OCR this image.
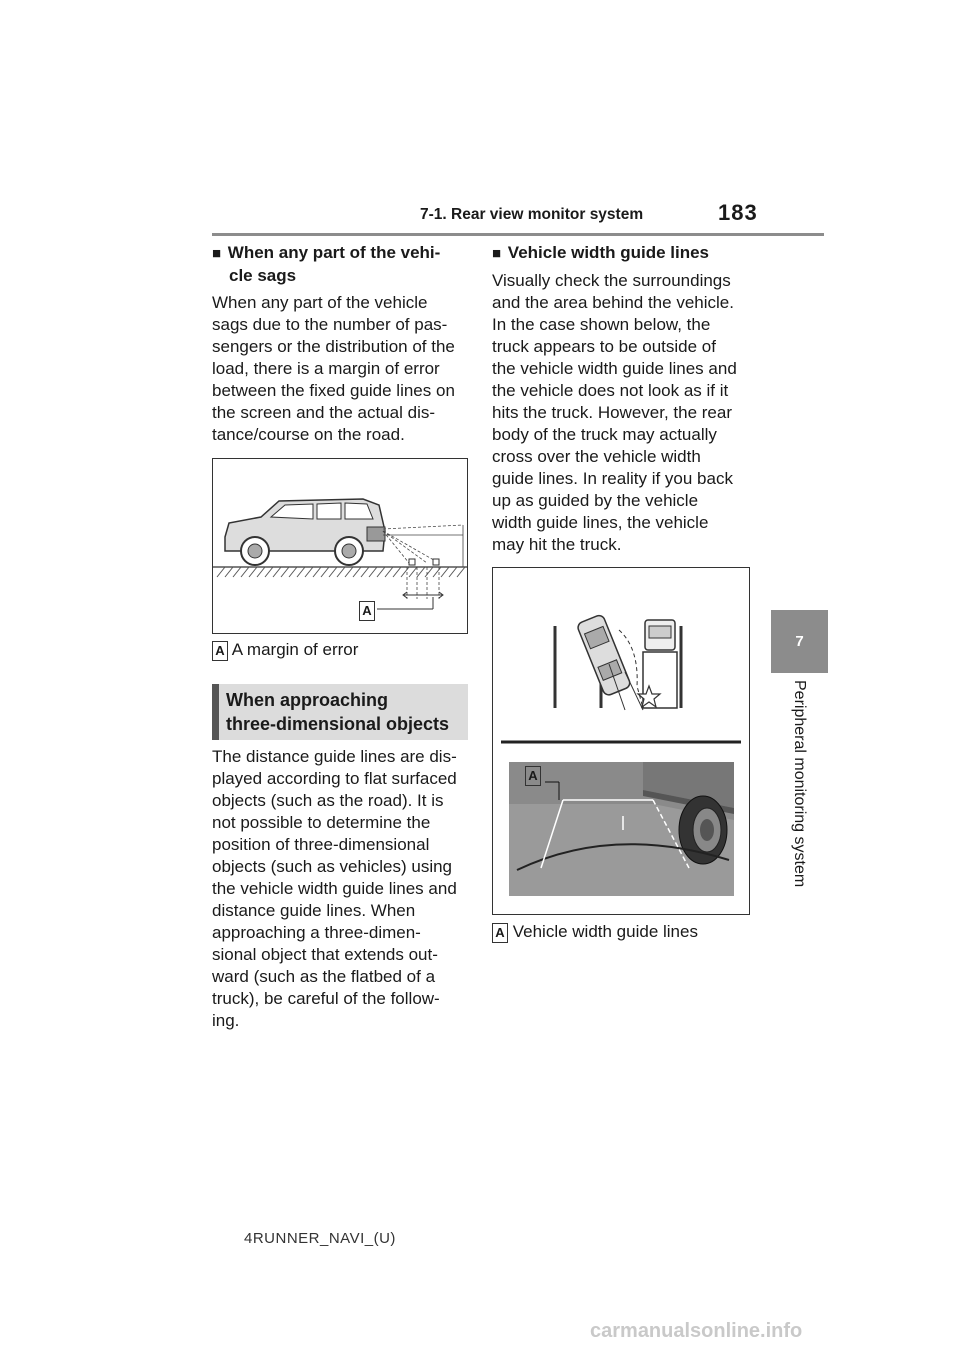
7-1. Rear view monitor system	183
7
Peripheral monitoring system
■ When any part of the vehi-
cle sags
When any part of the vehicle
sags due to the number of pas-
sengers or the distribution of the
load, there is a margin of error
between the fixed guide lines on
the screen and the actual dis-
tance/course on the road.
A
A A margin of error
When approaching
three-dimensional objects
The distance guide lines are dis-
played according to flat surfaced
objects (such as the road). It is
not possible to determine the
position of three-dimensional
objects (such as vehicles) using
the vehicle width guide lines and
distance guide lines. When
approaching a three-dimen-
sional object that extends out-
ward (such as the flatbed of a
truck), be careful of the follow-
ing.
■ Vehicle width guide lines
Visually check the surroundings
and the area behind the vehicle.
In the case shown below, the
truck appears to be outside of
the vehicle width guide lines and
the vehicle does not look as if it
hits the truck. However, the rear
body of the truck may actually
cross over the vehicle width
guide lines. In reality if you back
up as guided by the vehicle
width guide lines, the vehicle
may hit the truck.
A
A Vehicle width guide lines
4RUNNER_NAVI_(U)
carmanualsonline.info
